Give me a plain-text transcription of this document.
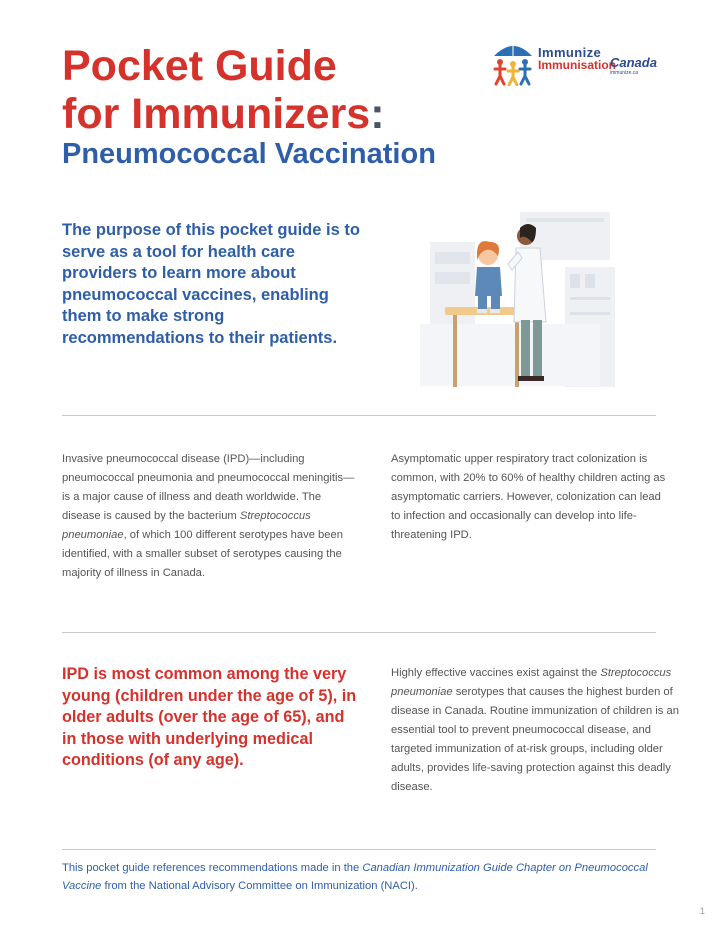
Pocket Guide
for Immunizers:
Pneumococcal Vaccination
Immunize
Immunisation
Canada
immunize.ca

The purpose of this pocket guide is to serve as a tool for health care providers to learn more about pneumococcal vaccines, enabling them to make strong recommendations to their patients.

Invasive pneumococcal disease (IPD)—including pneumococcal pneumonia and pneumococcal meningitis—is a major cause of illness and death worldwide. The disease is caused by the bacterium Streptococcus pneumoniae, of which 100 different serotypes have been identified, with a smaller subset of serotypes causing the majority of illness in Canada.

Asymptomatic upper respiratory tract colonization is common, with 20% to 60% of healthy children acting as asymptomatic carriers. However, colonization can lead to infection and occasionally can develop into life-threatening IPD.

IPD is most common among the very young (children under the age of 5), in older adults (over the age of 65), and in those with underlying medical conditions (of any age).

Highly effective vaccines exist against the Streptococcus pneumoniae serotypes that causes the highest burden of disease in Canada. Routine immunization of children is an essential tool to prevent pneumococcal disease, and targeted immunization of at-risk groups, including older adults, provides life-saving protection against this deadly disease.

This pocket guide references recommendations made in the Canadian Immunization Guide Chapter on Pneumococcal Vaccine from the National Advisory Committee on Immunization (NACI).

1
